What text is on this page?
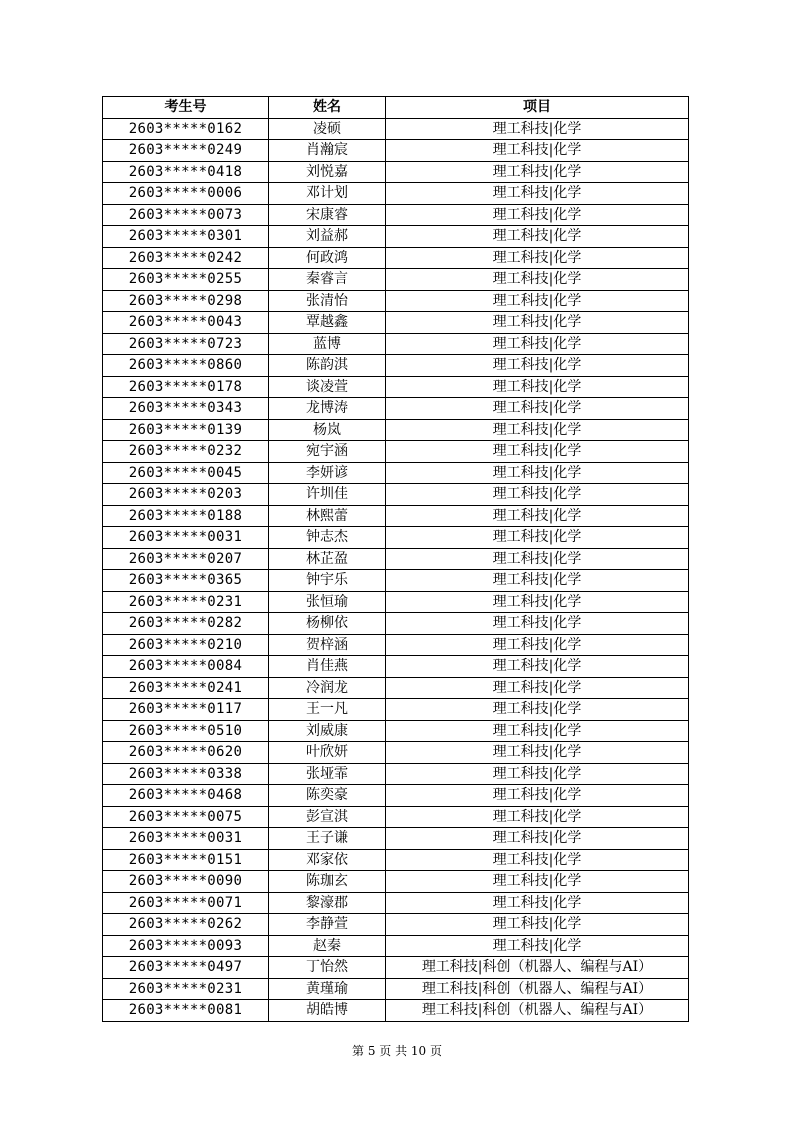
考生号	姓名	项目
2603*****0162	凌硕	理工科技|化学
2603*****0249	肖瀚宸	理工科技|化学
2603*****0418	刘悦嘉	理工科技|化学
2603*****0006	邓计划	理工科技|化学
2603*****0073	宋康睿	理工科技|化学
2603*****0301	刘益郝	理工科技|化学
2603*****0242	何政鸿	理工科技|化学
2603*****0255	秦睿言	理工科技|化学
2603*****0298	张清怡	理工科技|化学
2603*****0043	覃越鑫	理工科技|化学
2603*****0723	蓝博	理工科技|化学
2603*****0860	陈韵淇	理工科技|化学
2603*****0178	谈凌萱	理工科技|化学
2603*****0343	龙博涛	理工科技|化学
2603*****0139	杨岚	理工科技|化学
2603*****0232	宛宇涵	理工科技|化学
2603*****0045	李妍谚	理工科技|化学
2603*****0203	许圳佳	理工科技|化学
2603*****0188	林熙蕾	理工科技|化学
2603*****0031	钟志杰	理工科技|化学
2603*****0207	林芷盈	理工科技|化学
2603*****0365	钟宇乐	理工科技|化学
2603*****0231	张恒瑜	理工科技|化学
2603*****0282	杨柳依	理工科技|化学
2603*****0210	贺梓涵	理工科技|化学
2603*****0084	肖佳燕	理工科技|化学
2603*****0241	冷润龙	理工科技|化学
2603*****0117	王一凡	理工科技|化学
2603*****0510	刘威康	理工科技|化学
2603*****0620	叶欣妍	理工科技|化学
2603*****0338	张垭霏	理工科技|化学
2603*****0468	陈奕豪	理工科技|化学
2603*****0075	彭宣淇	理工科技|化学
2603*****0031	王子谦	理工科技|化学
2603*****0151	邓家依	理工科技|化学
2603*****0090	陈珈玄	理工科技|化学
2603*****0071	黎濠郡	理工科技|化学
2603*****0262	李静萱	理工科技|化学
2603*****0093	赵秦	理工科技|化学
2603*****0497	丁怡然	理工科技|科创（机器人、编程与AI）
2603*****0231	黄瑾瑜	理工科技|科创（机器人、编程与AI）
2603*****0081	胡皓博	理工科技|科创（机器人、编程与AI）
第 5 页 共 10 页
